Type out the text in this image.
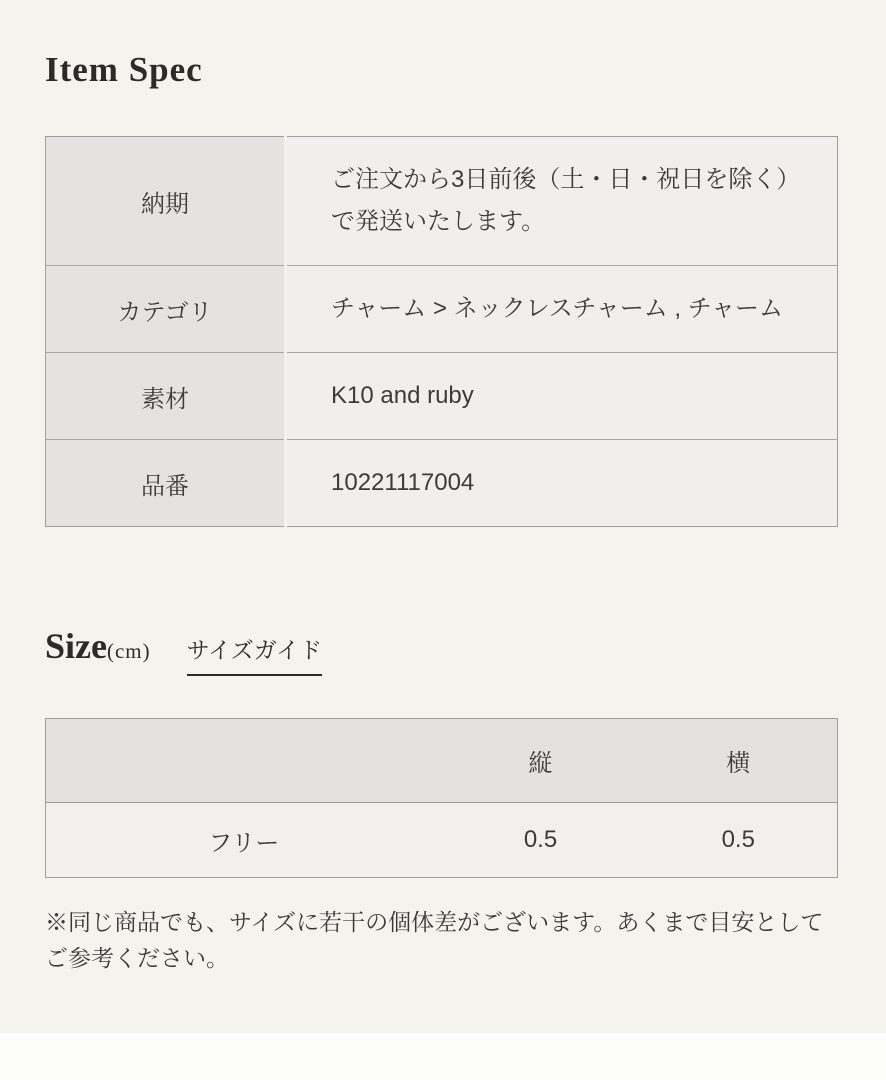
Item Spec
納期	ご注文から3日前後（土・日・祝日を除く）で発送いたします。
カテゴリ	チャーム > ネックレスチャーム , チャーム
素材	K10 and ruby
品番	10221117004
Size(cm) サイズガイド
	縦	横
フリー	0.5	0.5

※同じ商品でも、サイズに若干の個体差がございます。あくまで目安としてご参考ください。
